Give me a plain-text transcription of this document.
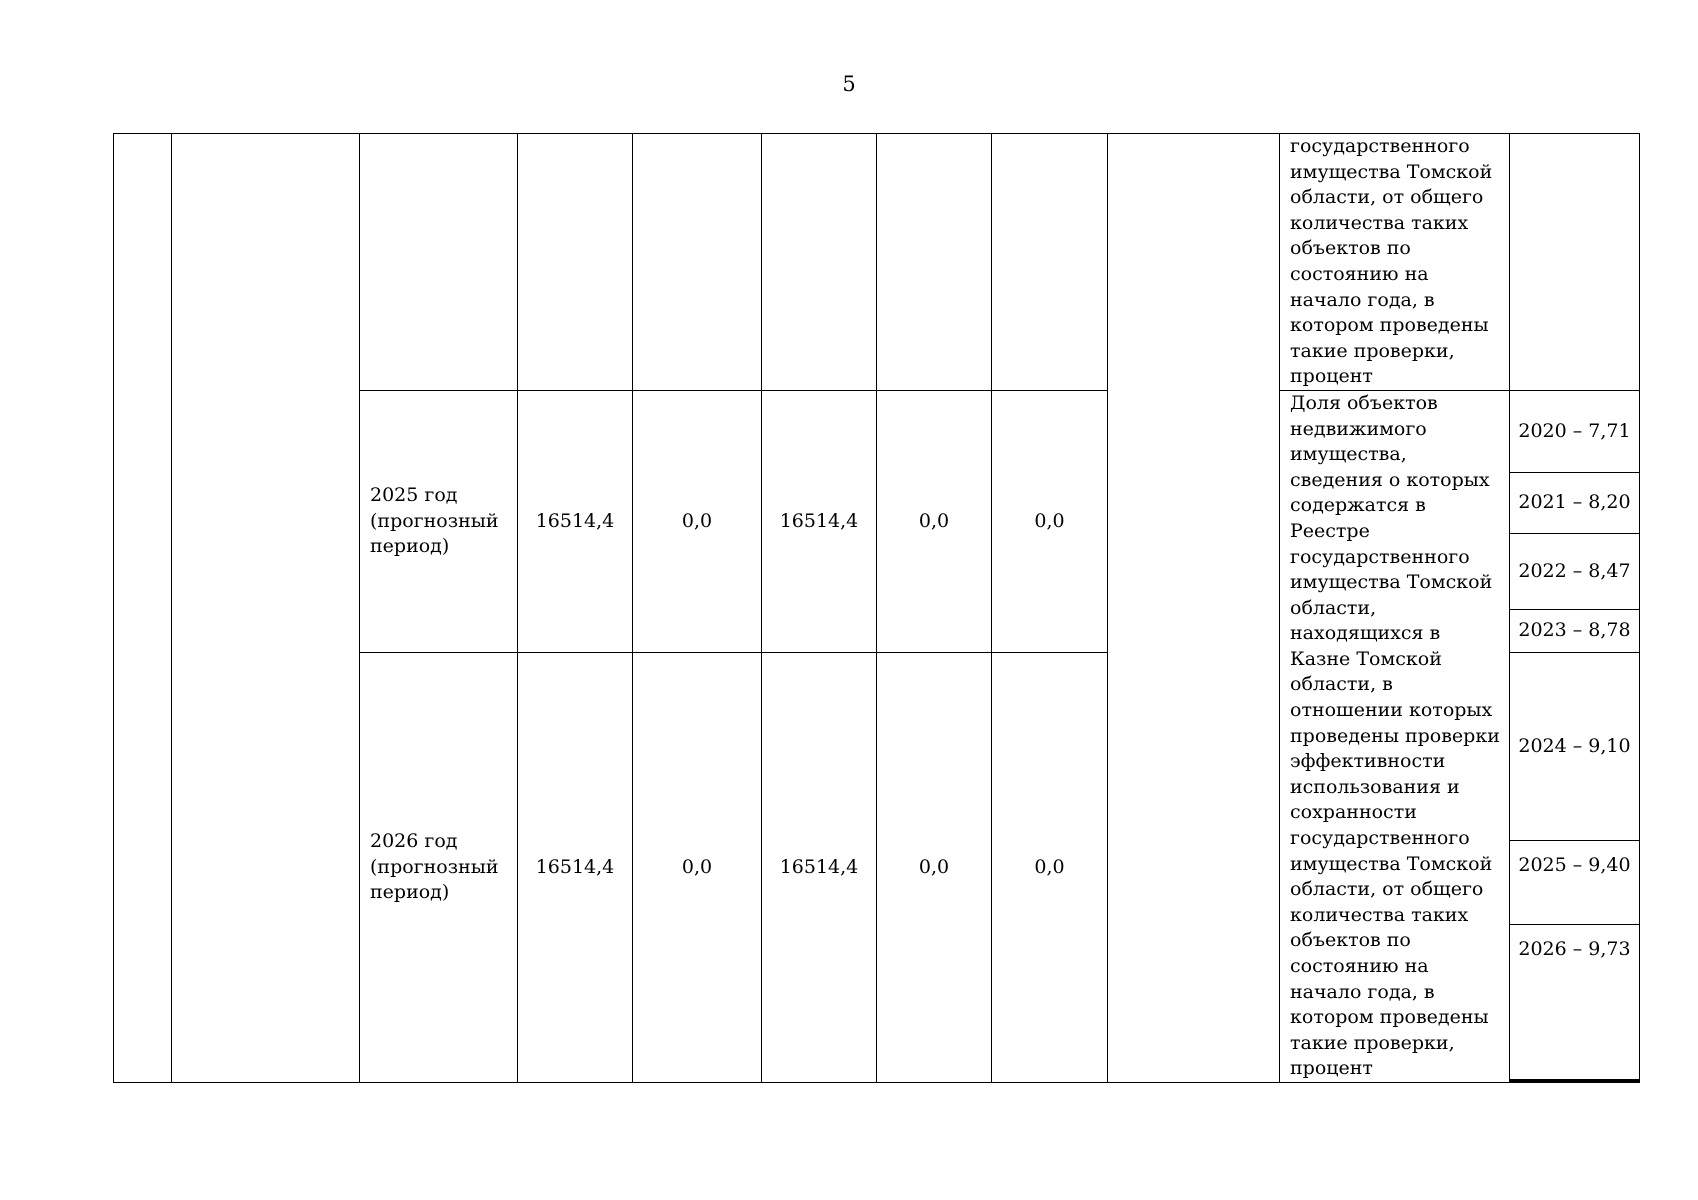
5
									государственного имущества Томской области, от общего количества таких объектов по состоянию на начало года, в котором проведены такие проверки, процент	
		2025 год (прогнозный период)	16514,4	0,0	16514,4	0,0	0,0		Доля объектов недвижимого имущества, сведения о которых содержатся в Реестре государственного имущества Томской области, находящихся в Казне Томской области, в отношении которых проведены проверки эффективности использования и сохранности государственного имущества Томской области, от общего количества таких объектов по состоянию на начало года, в котором проведены такие проверки, процент	2020 – 7,71
										2021 – 8,20
										2022 – 8,47
										2023 – 8,78
		2026 год (прогнозный период)	16514,4	0,0	16514,4	0,0	0,0			2024 – 9,10
										2025 – 9,40
										2026 – 9,73
